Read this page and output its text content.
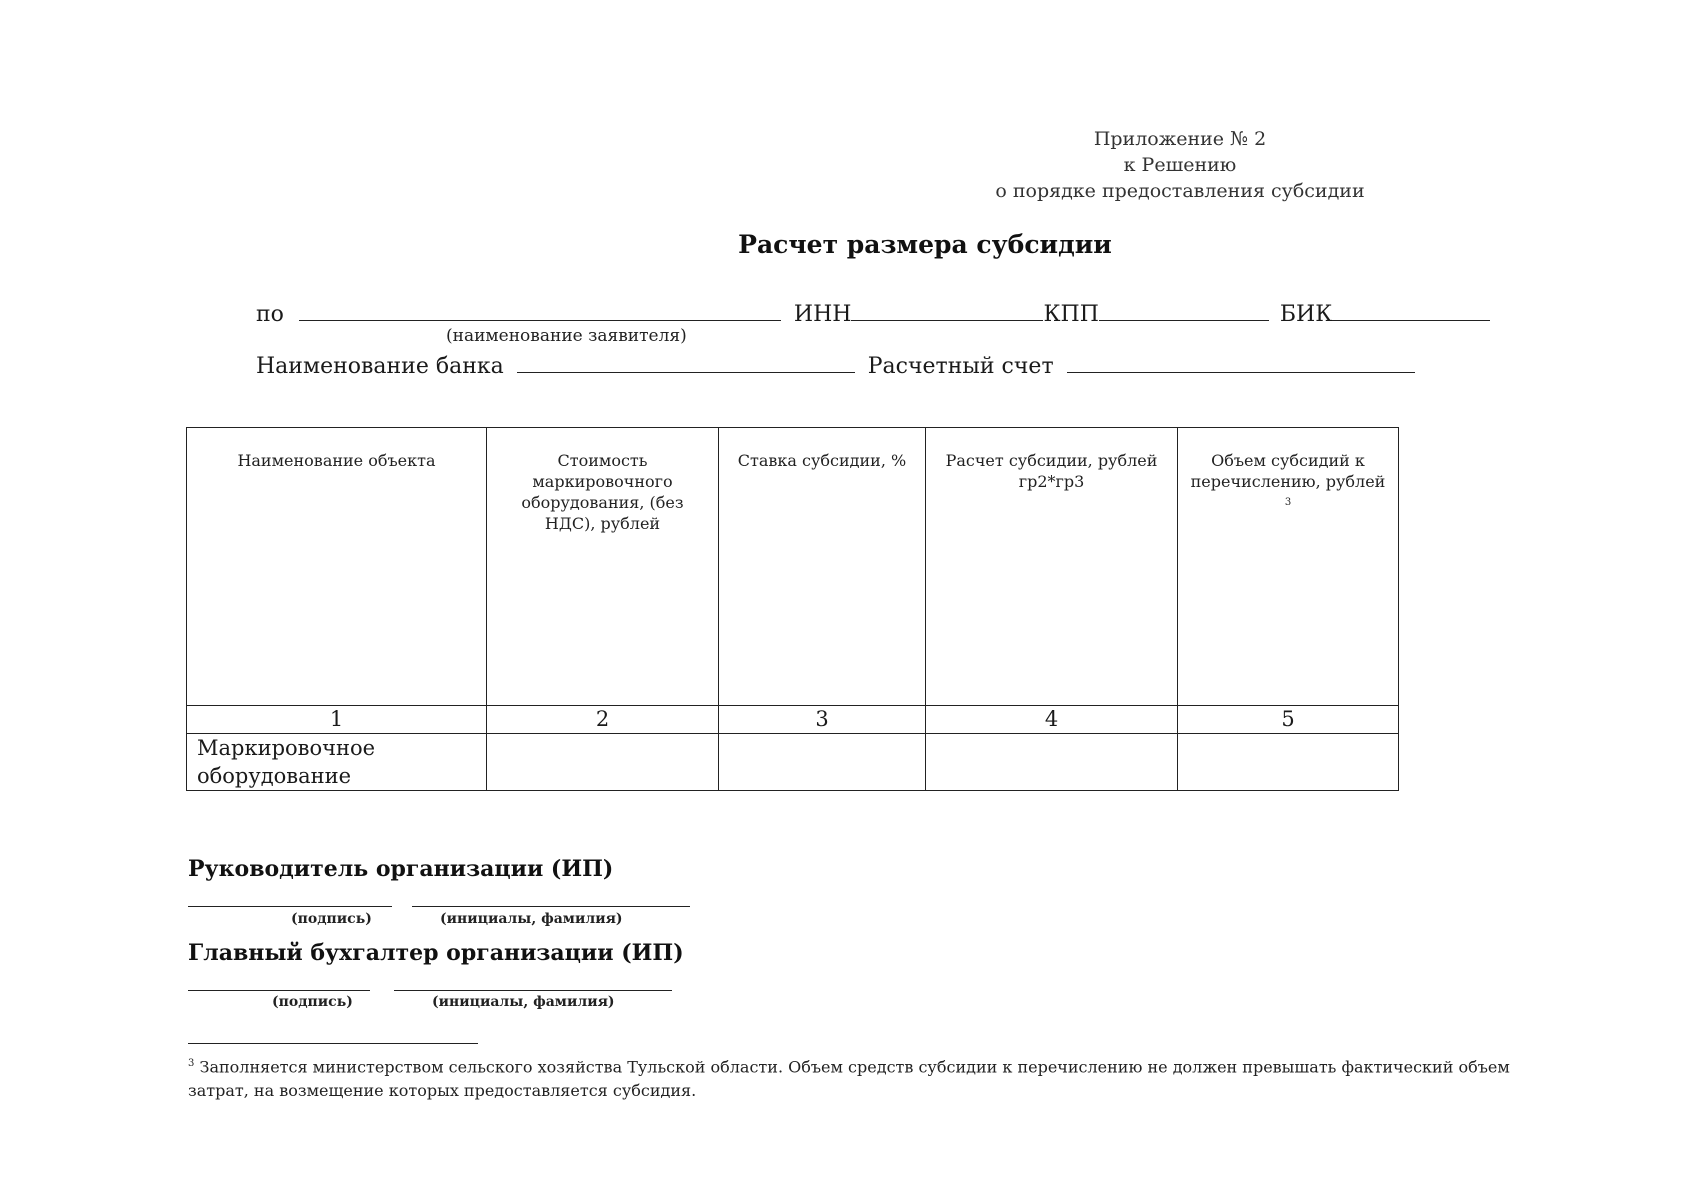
Приложение № 2
к Решению
о порядке предоставления субсидии
Расчет размера субсидии
по	ИНН	КПП	БИК
(наименование заявителя)
Наименование банка	Расчетный счет
Наименование объекта	Стоимость маркировочного оборудования, (без НДС), рублей	Ставка субсидии, %	Расчет субсидии, рублей гр2*гр3	Объем субсидий к перечислению, рублей$^3$
1	2	3	4	5

Маркировочное оборудование				

Руководитель организации (ИП)
(подпись)	(инициалы, фамилия)
Главный бухгалтер организации (ИП)
(подпись)	(инициалы, фамилия)
$^3$ Заполняется министерством сельского хозяйства Тульской области. Объем средств субсидии к перечислению не должен превышать фактический объем затрат, на возмещение которых предоставляется субсидия.
